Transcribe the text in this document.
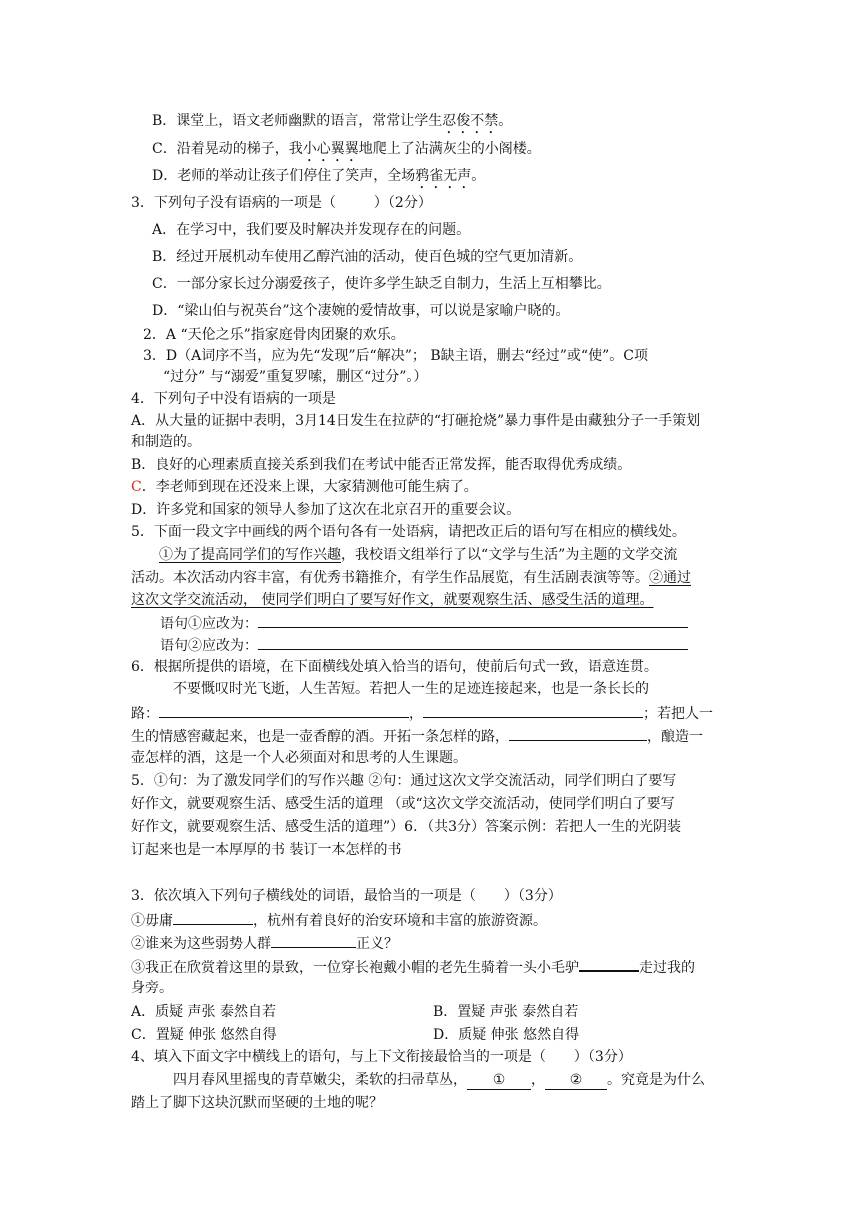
B．课堂上，语文老师幽默的语言，常常让学生忍俊不禁。
C．沿着晃动的梯子，我小心翼翼地爬上了沾满灰尘的小阁楼。
D．老师的举动让孩子们停住了笑声，全场鸦雀无声。
3．下列句子没有语病的一项是（	）（2分）
A．在学习中，我们要及时解决并发现存在的问题。
B．经过开展机动车使用乙醇汽油的活动，使百色城的空气更加清新。
C．一部分家长过分溺爱孩子，使许多学生缺乏自制力，生活上互相攀比。
D．“梁山伯与祝英台”这个凄婉的爱情故事，可以说是家喻户晓的。
2．A “天伦之乐”指家庭骨肉团聚的欢乐。
3．D（A词序不当，应为先“发现”后“解决”； B缺主语，删去“经过”或“使”。C项
“过分” 与“溺爱”重复罗嗦，删区“过分”。）
4．下列句子中没有语病的一项是
A．从大量的证据中表明，3月14日发生在拉萨的“打砸抢烧”暴力事件是由藏独分子一手策划
和制造的。
B．良好的心理素质直接关系到我们在考试中能否正常发挥，能否取得优秀成绩。
C．李老师到现在还没来上课，大家猜测他可能生病了。
D．许多党和国家的领导人参加了这次在北京召开的重要会议。
5．下面一段文字中画线的两个语句各有一处语病，请把改正后的语句写在相应的横线处。
①为了提高同学们的写作兴趣，我校语文组举行了以“文学与生活”为主题的文学交流
活动。本次活动内容丰富，有优秀书籍推介，有学生作品展览，有生活剧表演等等。②通过
这次文学交流活动， 使同学们明白了要写好作文，就要观察生活、感受生活的道理。
语句①应改为：
语句②应改为：
6．根据所提供的语境，在下面横线处填入恰当的语句，使前后句式一致，语意连贯。
不要慨叹时光飞逝，人生苦短。若把人一生的足迹连接起来，也是一条长长的
路：	，	；若把人一
生的情感窖藏起来，也是一壶香醇的酒。开拓一条怎样的路，	，酿造一
壶怎样的酒，这是一个人必须面对和思考的人生课题。
5．①句：为了激发同学们的写作兴趣 ②句：通过这次文学交流活动，同学们明白了要写
好作文，就要观察生活、感受生活的道理 （或“这次文学交流活动，使同学们明白了要写
好作文，就要观察生活、感受生活的道理”）6．（共3分）答案示例：若把人一生的光阴装
订起来也是一本厚厚的书 装订一本怎样的书
3．依次填入下列句子横线处的词语，最恰当的一项是（ ）（3分）
①毋庸	，杭州有着良好的治安环境和丰富的旅游资源。
②谁来为这些弱势人群	正义？
③我正在欣赏着这里的景致，一位穿长袍戴小帽的老先生骑着一头小毛驴	走过我的
身旁。
A．质疑 声张 泰然自若	B．置疑 声张 泰然自若
C．置疑 伸张 悠然自得	D．质疑 伸张 悠然自得
4、填入下面文字中横线上的语句，与上下文衔接最恰当的一项是（ ）（3分）
四月春风里摇曳的青草嫩尖，柔软的扫帚草丛， ① ， ② 。究竟是为什么
踏上了脚下这块沉默而坚硬的土地的呢？
